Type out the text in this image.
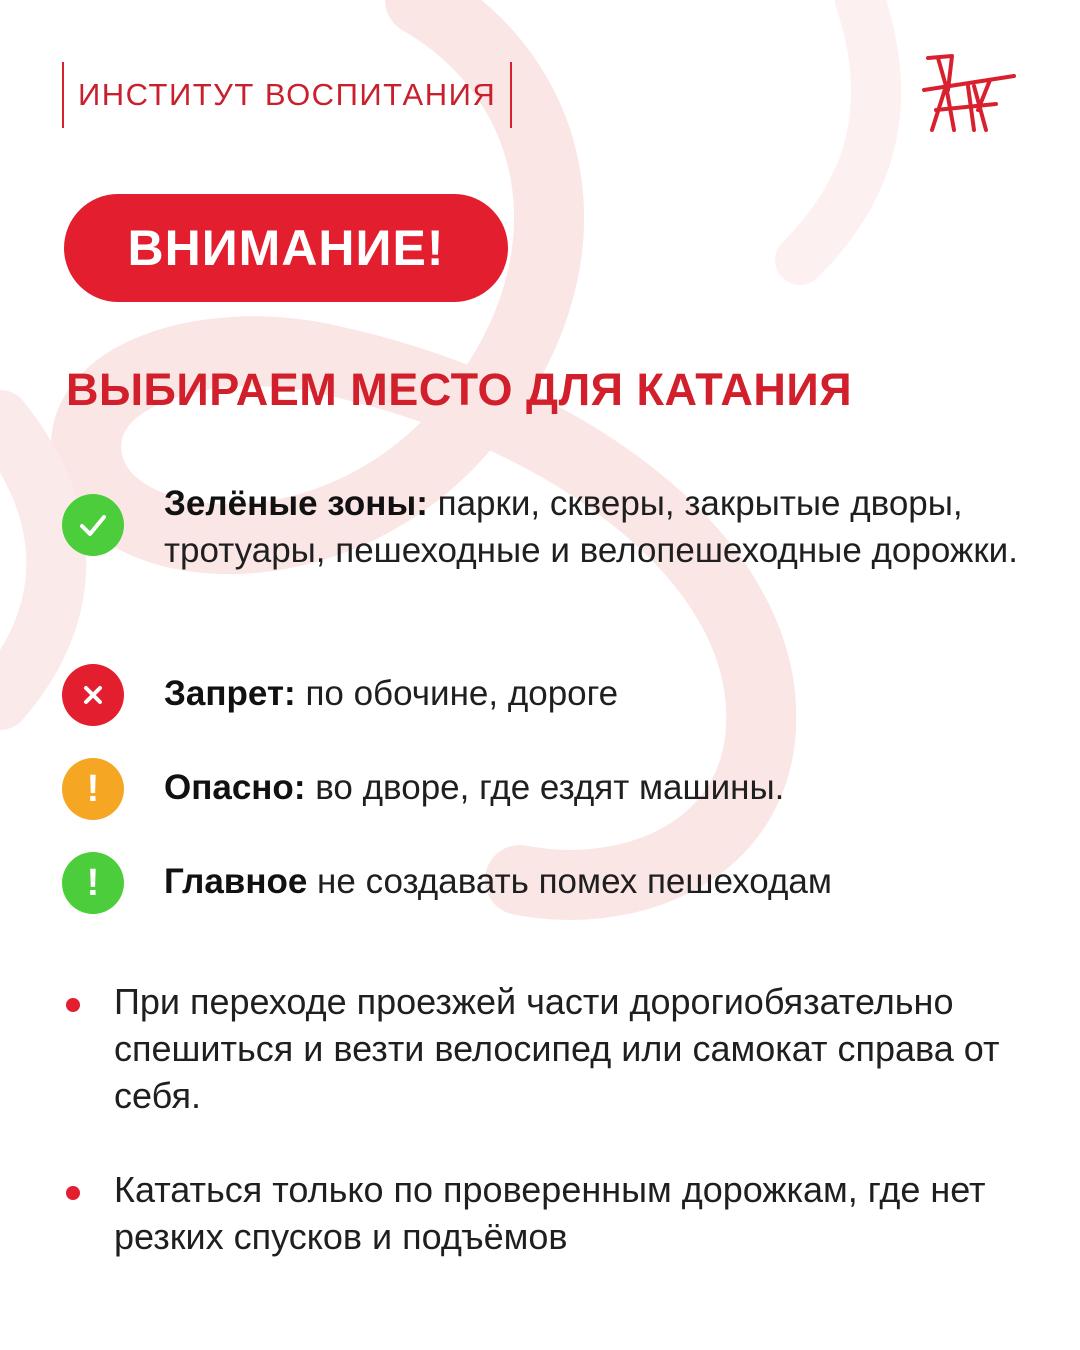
ИНСТИТУТ ВОСПИТАНИЯ
ВНИМАНИЕ!
ВЫБИРАЕМ МЕСТО ДЛЯ КАТАНИЯ
Зелёные зоны: парки, скверы, закрытые дворы, тротуары, пешеходные и велопешеходные дорожки.
Запрет: по обочине, дороге
!	Опасно: во дворе, где ездят машины.
!	Главное не создавать помех пешеходам
При переходе проезжей части дорогиобязательно спешиться и везти велосипед или самокат справа от себя.
Кататься только по проверенным дорожкам, где нет резких спусков и подъёмов
